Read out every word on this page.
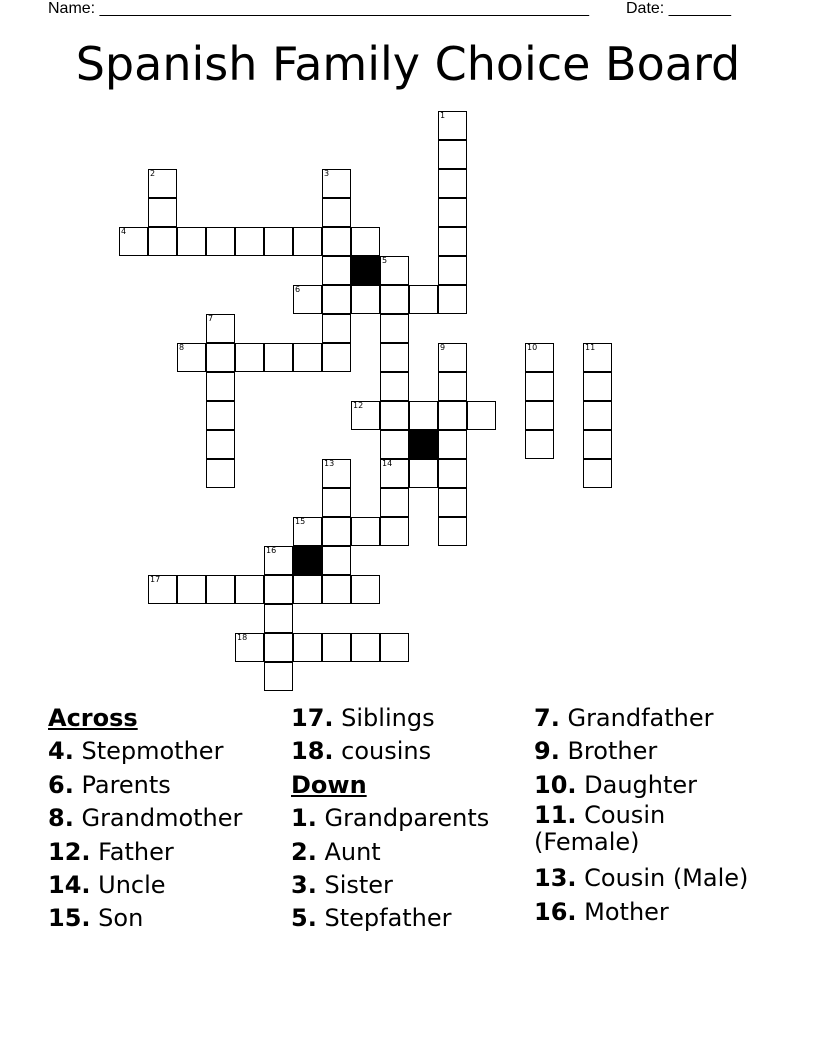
Name: _______________________________________________________ Date: _______
Spanish Family Choice Board
1
2	3
4
5
6
7
8	9	10	11
12
13	14
15
16
17
18
Across
4. Stepmother
6. Parents
8. Grandmother
12. Father
14. Uncle
15. Son
17. Siblings
18. cousins
Down
1. Grandparents
2. Aunt
3. Sister
5. Stepfather
7. Grandfather
9. Brother
10. Daughter
11. Cousin (Female)
13. Cousin (Male)
16. Mother
